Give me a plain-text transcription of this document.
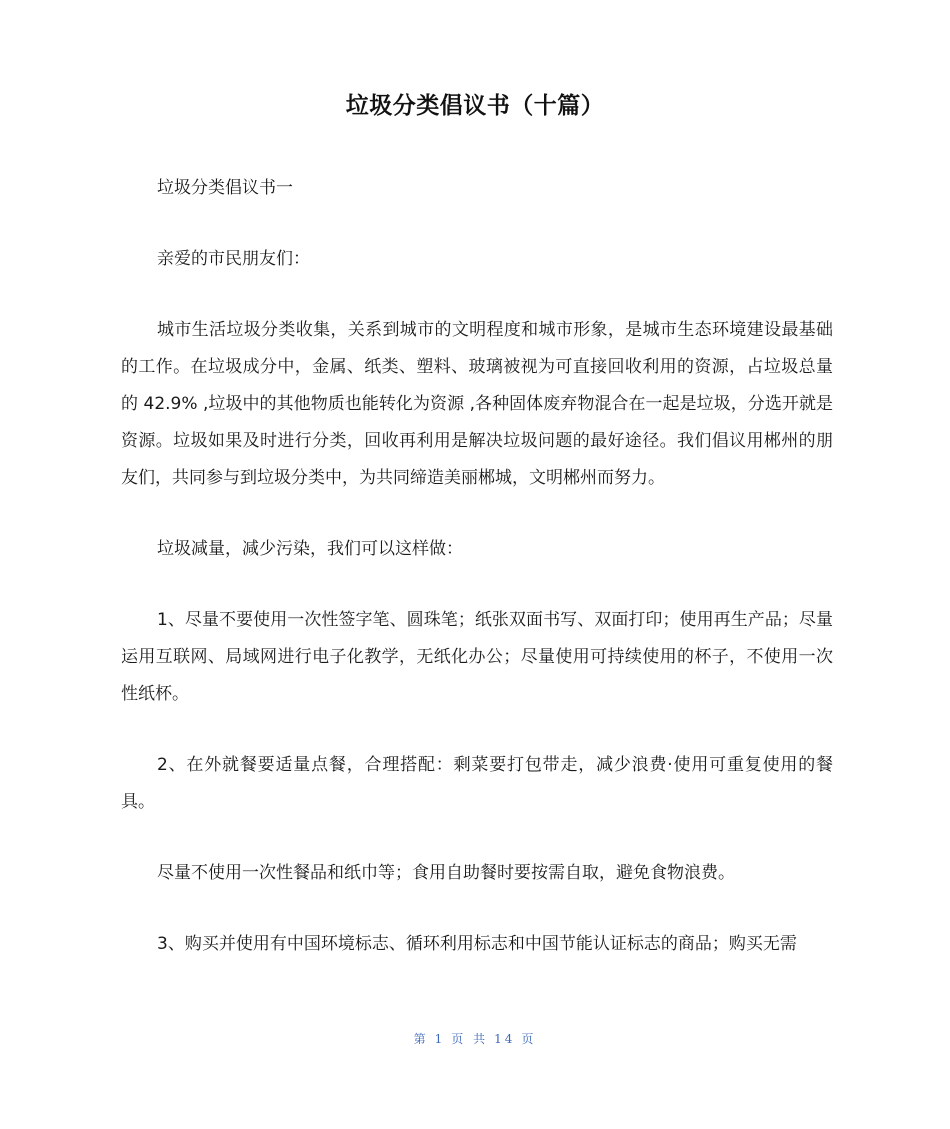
垃圾分类倡议书（十篇）

垃圾分类倡议书一

亲爱的市民朋友们：

城市生活垃圾分类收集，关系到城市的文明程度和城市形象，是城市生态环境建设最基础的工作。在垃圾成分中，金属、纸类、塑料、玻璃被视为可直接回收利用的资源，占垃圾总量的 42.9% ,垃圾中的其他物质也能转化为资源 ,各种固体废弃物混合在一起是垃圾，分选开就是资源。垃圾如果及时进行分类，回收再利用是解决垃圾问题的最好途径。我们倡议用郴州的朋友们，共同参与到垃圾分类中，为共同缔造美丽郴城，文明郴州而努力。

垃圾减量，减少污染，我们可以这样做：

1、尽量不要使用一次性签字笔、圆珠笔；纸张双面书写、双面打印；使用再生产品；尽量运用互联网、局域网进行电子化教学，无纸化办公；尽量使用可持续使用的杯子，不使用一次性纸杯。

2、在外就餐要适量点餐，合理搭配：剩菜要打包带走，减少浪费·使用可重复使用的餐具。

尽量不使用一次性餐品和纸巾等；食用自助餐时要按需自取，避免食物浪费。

3、购买并使用有中国环境标志、循环利用标志和中国节能认证标志的商品；购买无需

第 1 页 共 14 页
